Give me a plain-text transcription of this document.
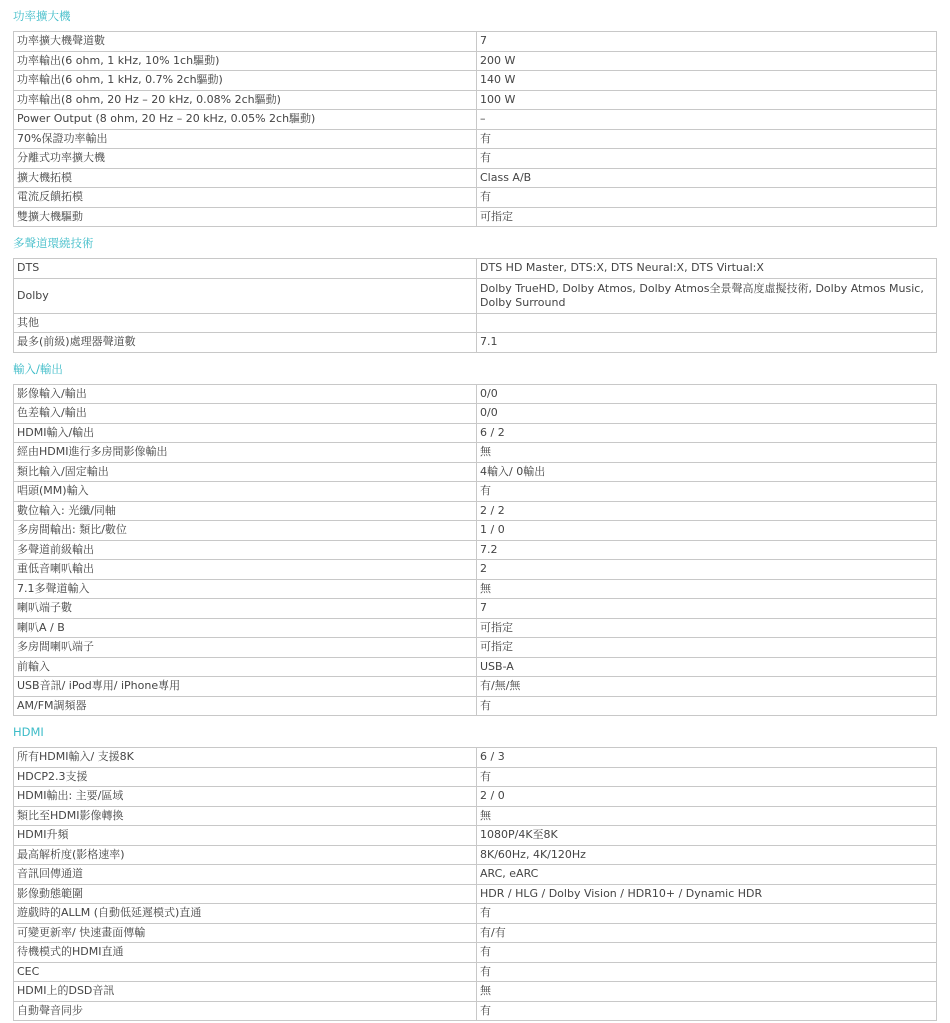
功率擴大機
功率擴大機聲道數	7
功率輸出(6 ohm, 1 kHz, 10% 1ch驅動)	200 W
功率輸出(6 ohm, 1 kHz, 0.7% 2ch驅動)	140 W
功率輸出(8 ohm, 20 Hz – 20 kHz, 0.08% 2ch驅動)	100 W
Power Output (8 ohm, 20 Hz – 20 kHz, 0.05% 2ch驅動)	–
70%保證功率輸出	有
分離式功率擴大機	有
擴大機拓模	Class A/B
電流反饋拓模	有
雙擴大機驅動	可指定
多聲道環繞技術
DTS	DTS HD Master, DTS:X, DTS Neural:X, DTS Virtual:X
Dolby	Dolby TrueHD, Dolby Atmos, Dolby Atmos全景聲高度虛擬技術, Dolby Atmos Music, Dolby Surround
其他	
最多(前級)處理器聲道數	7.1
輸入/輸出
影像輸入/輸出	0/0
色差輸入/輸出	0/0
HDMI輸入/輸出	6 / 2
經由HDMI進行多房間影像輸出	無
類比輸入/固定輸出	4輸入/ 0輸出
唱頭(MM)輸入	有
數位輸入: 光纖/同軸	2 / 2
多房間輸出: 類比/數位	1 / 0
多聲道前級輸出	7.2
重低音喇叭輸出	2
7.1多聲道輸入	無
喇叭端子數	7
喇叭A / B	可指定
多房間喇叭端子	可指定
前輸入	USB-A
USB音訊/ iPod專用/ iPhone專用	有/無/無
AM/FM調頻器	有
HDMI
所有HDMI輸入/ 支援8K	6 / 3
HDCP2.3支援	有
HDMI輸出: 主要/區域	2 / 0
類比至HDMI影像轉換	無
HDMI升頻	1080P/4K至8K
最高解析度(影格速率)	8K/60Hz, 4K/120Hz
音訊回傳通道	ARC, eARC
影像動態範圍	HDR / HLG / Dolby Vision / HDR10+ / Dynamic HDR
遊戲時的ALLM (自動低延遲模式)直通	有
可變更新率/ 快速畫面傳輸	有/有
待機模式的HDMI直通	有
CEC	有
HDMI上的DSD音訊	無
自動聲音同步	有
